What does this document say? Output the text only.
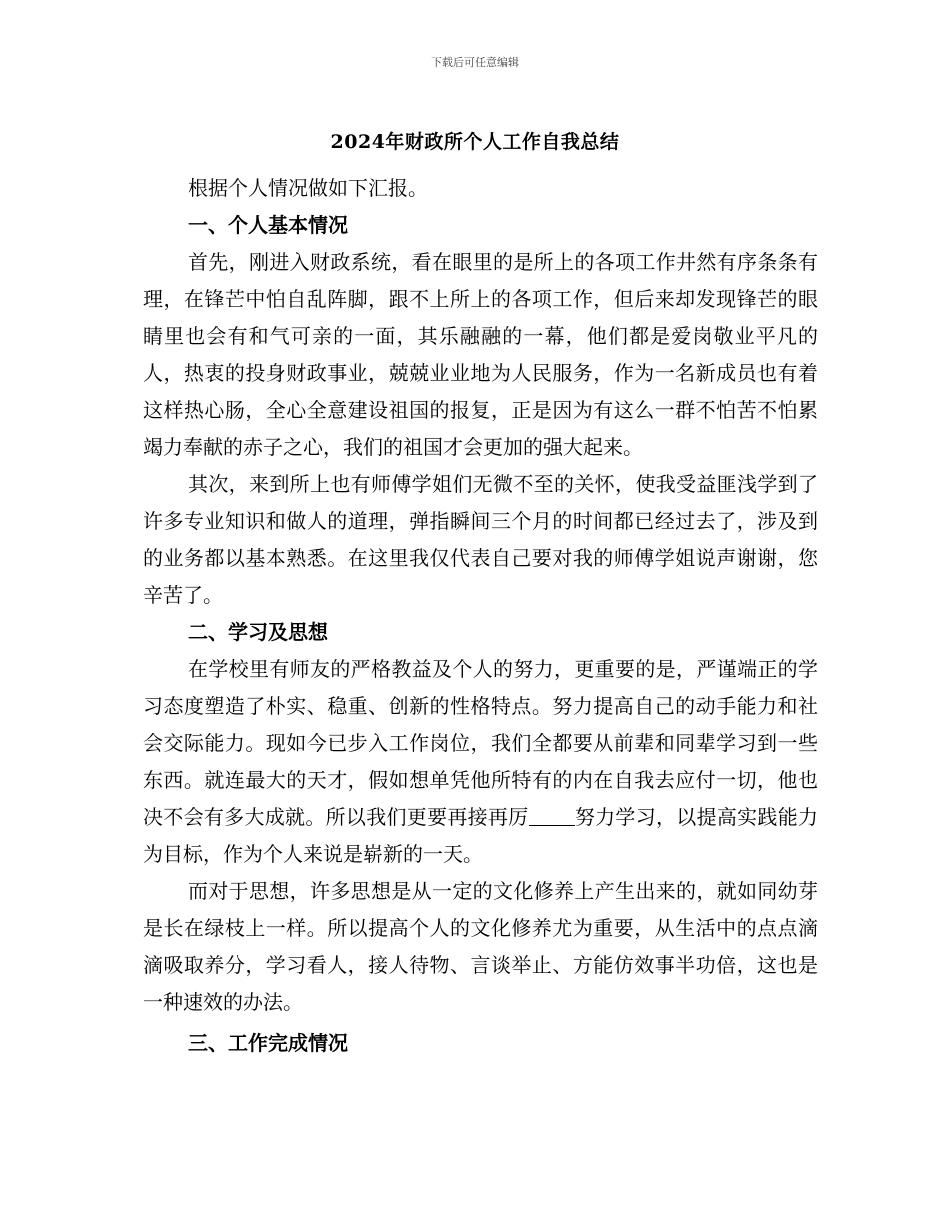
下载后可任意编辑
2024年财政所个人工作自我总结

根据个人情况做如下汇报。

一、个人基本情况

首先，刚进入财政系统，看在眼里的是所上的各项工作井然有序条条有理，在锋芒中怕自乱阵脚，跟不上所上的各项工作，但后来却发现锋芒的眼睛里也会有和气可亲的一面，其乐融融的一幕，他们都是爱岗敬业平凡的人，热衷的投身财政事业，兢兢业业地为人民服务，作为一名新成员也有着这样热心肠，全心全意建设祖国的报复，正是因为有这么一群不怕苦不怕累竭力奉献的赤子之心，我们的祖国才会更加的强大起来。

其次，来到所上也有师傅学姐们无微不至的关怀，使我受益匪浅学到了许多专业知识和做人的道理，弹指瞬间三个月的时间都已经过去了，涉及到的业务都以基本熟悉。在这里我仅代表自己要对我的师傅学姐说声谢谢，您辛苦了。

二、学习及思想

在学校里有师友的严格教益及个人的努力，更重要的是，严谨端正的学习态度塑造了朴实、稳重、创新的性格特点。努力提高自己的动手能力和社会交际能力。现如今已步入工作岗位，我们全都要从前辈和同辈学习到一些东西。就连最大的天才，假如想单凭他所特有的内在自我去应付一切，他也决不会有多大成就。所以我们更要再接再厉 努力学习，以提高实践能力为目标，作为个人来说是崭新的一天。

而对于思想，许多思想是从一定的文化修养上产生出来的，就如同幼芽是长在绿枝上一样。所以提高个人的文化修养尤为重要，从生活中的点点滴滴吸取养分，学习看人，接人待物、言谈举止、方能仿效事半功倍，这也是一种速效的办法。

三、工作完成情况
